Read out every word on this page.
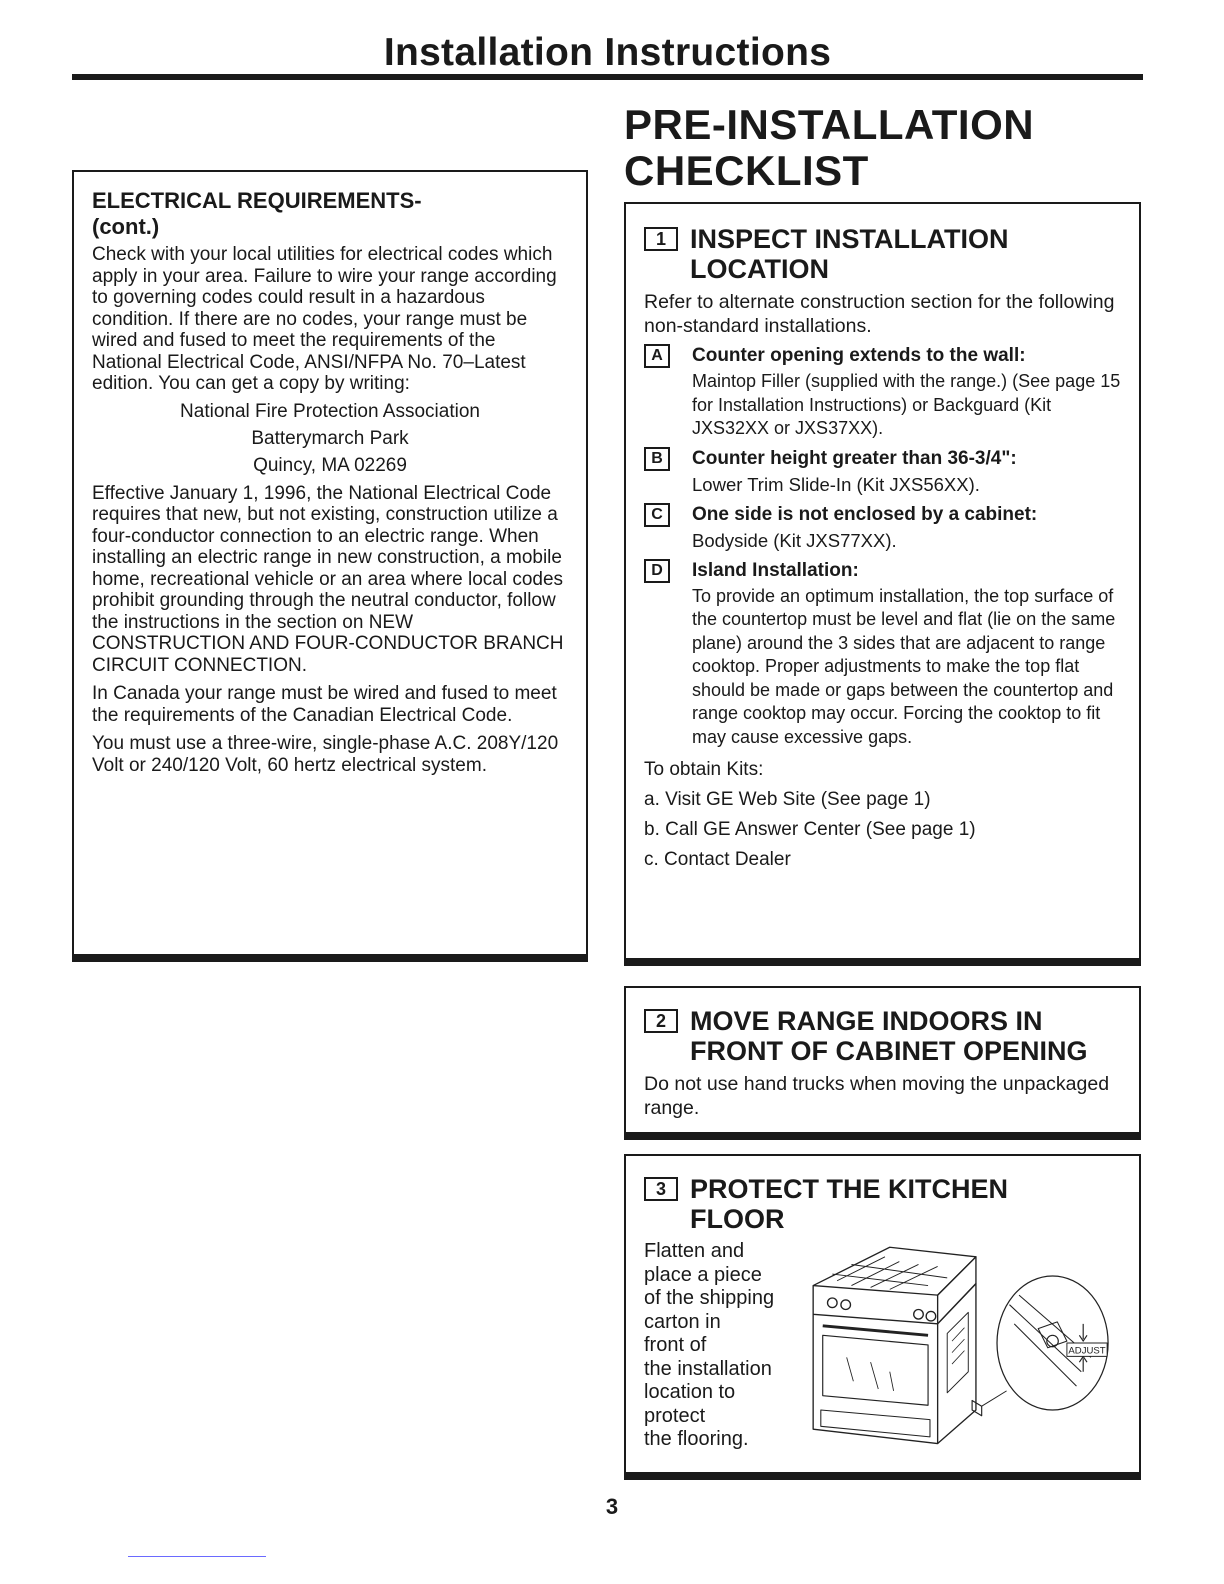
Installation Instructions
ELECTRICAL REQUIREMENTS-
(cont.)

Check with your local utilities for electrical codes which apply in your area. Failure to wire your range according to governing codes could result in a hazardous condition. If there are no codes, your range must be wired and fused to meet the requirements of the National Electrical Code, ANSI/NFPA No. 70–Latest edition. You can get a copy by writing:

National Fire Protection Association

Batterymarch Park

Quincy, MA 02269

Effective January 1, 1996, the National Electrical Code requires that new, but not existing, construction utilize a four-conductor connection to an electric range. When installing an electric range in new construction, a mobile home, recreational vehicle or an area where local codes prohibit grounding through the neutral conductor, follow the instructions in the section on NEW CONSTRUCTION AND FOUR-CONDUCTOR BRANCH CIRCUIT CONNECTION.

In Canada your range must be wired and fused to meet the requirements of the Canadian Electrical Code.

You must use a three-wire, single-phase A.C. 208Y/120 Volt or 240/120 Volt, 60 hertz electrical system.

PRE-INSTALLATION
CHECKLIST
1 INSPECT INSTALLATION
LOCATION

Refer to alternate construction section for the following non-standard installations.

A	Counter opening extends to the wall:
Maintop Filler (supplied with the range.) (See page 15 for Installation Instructions) or Backguard (Kit JXS32XX or JXS37XX).
B	Counter height greater than 36-3/4":
Lower Trim Slide-In (Kit JXS56XX).
C	One side is not enclosed by a cabinet:
Bodyside (Kit JXS77XX).
D	Island Installation:
To provide an optimum installation, the top surface of the countertop must be level and flat (lie on the same plane) around the 3 sides that are adjacent to range cooktop. Proper adjustments to make the top flat should be made or gaps between the countertop and range cooktop may occur. Forcing the cooktop to fit may cause excessive gaps.

To obtain Kits:

a. Visit GE Web Site (See page 1)

b. Call GE Answer Center (See page 1)

c. Contact Dealer

2 MOVE RANGE INDOORS IN
FRONT OF CABINET OPENING

Do not use hand trucks when moving the unpackaged range.

3 PROTECT THE KITCHEN
FLOOR
Flatten and
place a piece
of the shipping
carton in
front of
the installation
location to
protect
the flooring.
ADJUST
3
